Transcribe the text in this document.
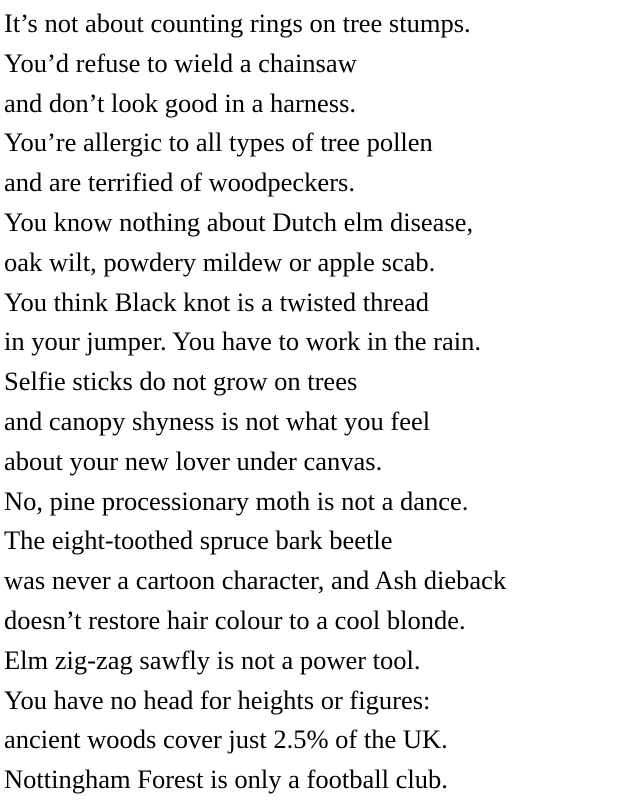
It’s not about counting rings on tree stumps.
You’d refuse to wield a chainsaw
and don’t look good in a harness.
You’re allergic to all types of tree pollen
and are terrified of woodpeckers.
You know nothing about Dutch elm disease,
oak wilt, powdery mildew or apple scab.
You think Black knot is a twisted thread
in your jumper. You have to work in the rain.
Selfie sticks do not grow on trees
and canopy shyness is not what you feel
about your new lover under canvas.
No, pine processionary moth is not a dance.
The eight-toothed spruce bark beetle
was never a cartoon character, and Ash dieback
doesn’t restore hair colour to a cool blonde.
Elm zig-zag sawfly is not a power tool.
You have no head for heights or figures:
ancient woods cover just 2.5% of the UK.
Nottingham Forest is only a football club.
